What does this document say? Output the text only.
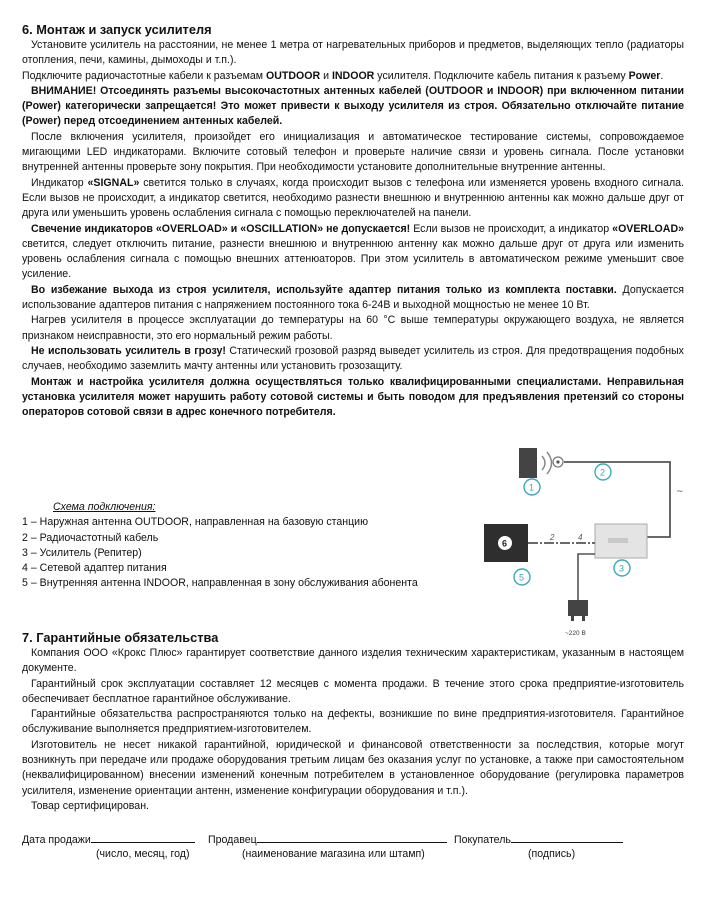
6. Монтаж и запуск усилителя

Установите усилитель на расстоянии, не менее 1 метра от нагревательных приборов и предметов, выделяющих тепло (радиаторы отопления, печи, камины, дымоходы и т.п.).

Подключите радиочастотные кабели к разъемам OUTDOOR и INDOOR усилителя. Подключите кабель питания к разъему Power.

ВНИМАНИЕ! Отсоединять разъемы высокочастотных антенных кабелей (OUTDOOR и INDOOR) при включенном питании (Power) категорически запрещается! Это может привести к выходу усилителя из строя. Обязательно отключайте питание (Power) перед отсоединением антенных кабелей.

После включения усилителя, произойдет его инициализация и автоматическое тестирование системы, сопровождаемое мигающими LED индикаторами. Включите сотовый телефон и проверьте наличие связи и уровень сигнала. После установки внутренней антенны проверьте зону покрытия. При необходимости установите дополнительные внутренние антенны.

Индикатор «SIGNAL» светится только в случаях, когда происходит вызов с телефона или изменяется уровень входного сигнала. Если вызов не происходит, а индикатор светится, необходимо разнести внешнюю и внутреннюю антенны как можно дальше друг от друга или уменьшить уровень ослабления сигнала с помощью переключателей на панели.

Свечение индикаторов «OVERLOAD» и «OSCILLATION» не допускается! Если вызов не происходит, а индикатор «OVERLOAD» светится, следует отключить питание, разнести внешнюю и внутреннюю антенну как можно дальше друг от друга или изменить уровень ослабления сигнала с помощью внешних аттенюаторов. При этом усилитель в автоматическом режиме уменьшит свое усиление.

Во избежание выхода из строя усилителя, используйте адаптер питания только из комплекта поставки. Допускается использование адаптеров питания с напряжением постоянного тока 6-24В и выходной мощностью не менее 10 Вт.

Нагрев усилителя в процессе эксплуатации до температуры на 60 °С выше температуры окружающего воздуха, не является признаком неисправности, это его нормальный режим работы.

Не использовать усилитель в грозу! Статический грозовой разряд выведет усилитель из строя. Для предотвращения подобных случаев, необходимо заземлить мачту антенны или установить грозозащиту.

Монтаж и настройка усилителя должна осуществляться только квалифицированными специалистами. Неправильная установка усилителя может нарушить работу сотовой системы и быть поводом для предъявления претензий со стороны операторов сотовой связи в адрес конечного потребителя.

Схема подключения:
1 – Наружная антенна OUTDOOR, направленная на базовую станцию
2 – Радиочастотный кабель
3 – Усилитель (Репитер)
4 – Сетевой адаптер питания
5 – Внутренняя антенна INDOOR, направленная в зону обслуживания абонента
~
2
1
3
6
2	4
5
~220 В
7. Гарантийные обязательства

Компания ООО «Крокс Плюс» гарантирует соответствие данного изделия техническим характеристикам, указанным в настоящем документе.

Гарантийный срок эксплуатации составляет 12 месяцев с момента продажи. В течение этого срока предприятие-изготовитель обеспечивает бесплатное гарантийное обслуживание.

Гарантийные обязательства распространяются только на дефекты, возникшие по вине предприятия-изготовителя. Гарантийное обслуживание выполняется предприятием-изготовителем.

Изготовитель не несет никакой гарантийной, юридической и финансовой ответственности за последствия, которые могут возникнуть при передаче или продаже оборудования третьим лицам без оказания услуг по установке, а также при самостоятельном (неквалифицированном) внесении изменений конечным потребителем в установленное оборудование (регулировка параметров усилителя, изменение ориентации антенн, изменение конфигурации оборудования и т.п.).

Товар сертифицирован.

Дата продажи	Продавец	Покупатель
(число, месяц, год)	(наименование магазина или штамп)	(подпись)
